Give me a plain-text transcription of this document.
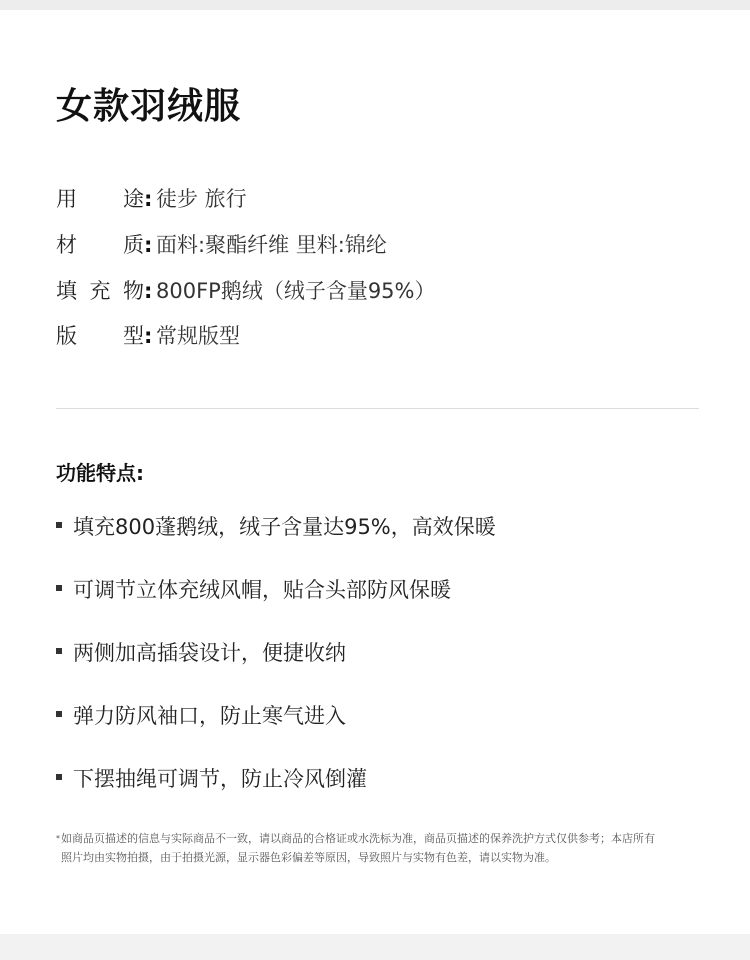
女款羽绒服
用 途 : 徒步 旅行
材 质 : 面料:聚酯纤维 里料:锦纶
填 充 物 : 800FP鹅绒（绒子含量95%）
版 型 : 常规版型
功能特点:
填充800蓬鹅绒，绒子含量达95%，高效保暖
可调节立体充绒风帽，贴合头部防风保暖
两侧加高插袋设计，便捷收纳
弹力防风袖口，防止寒气进入
下摆抽绳可调节，防止冷风倒灌
*如商品页描述的信息与实际商品不一致，请以商品的合格证或水洗标为准，商品页描述的保养洗护方式仅供参考；本店所有
照片均由实物拍摄，由于拍摄光源，显示器色彩偏差等原因，导致照片与实物有色差，请以实物为准。
